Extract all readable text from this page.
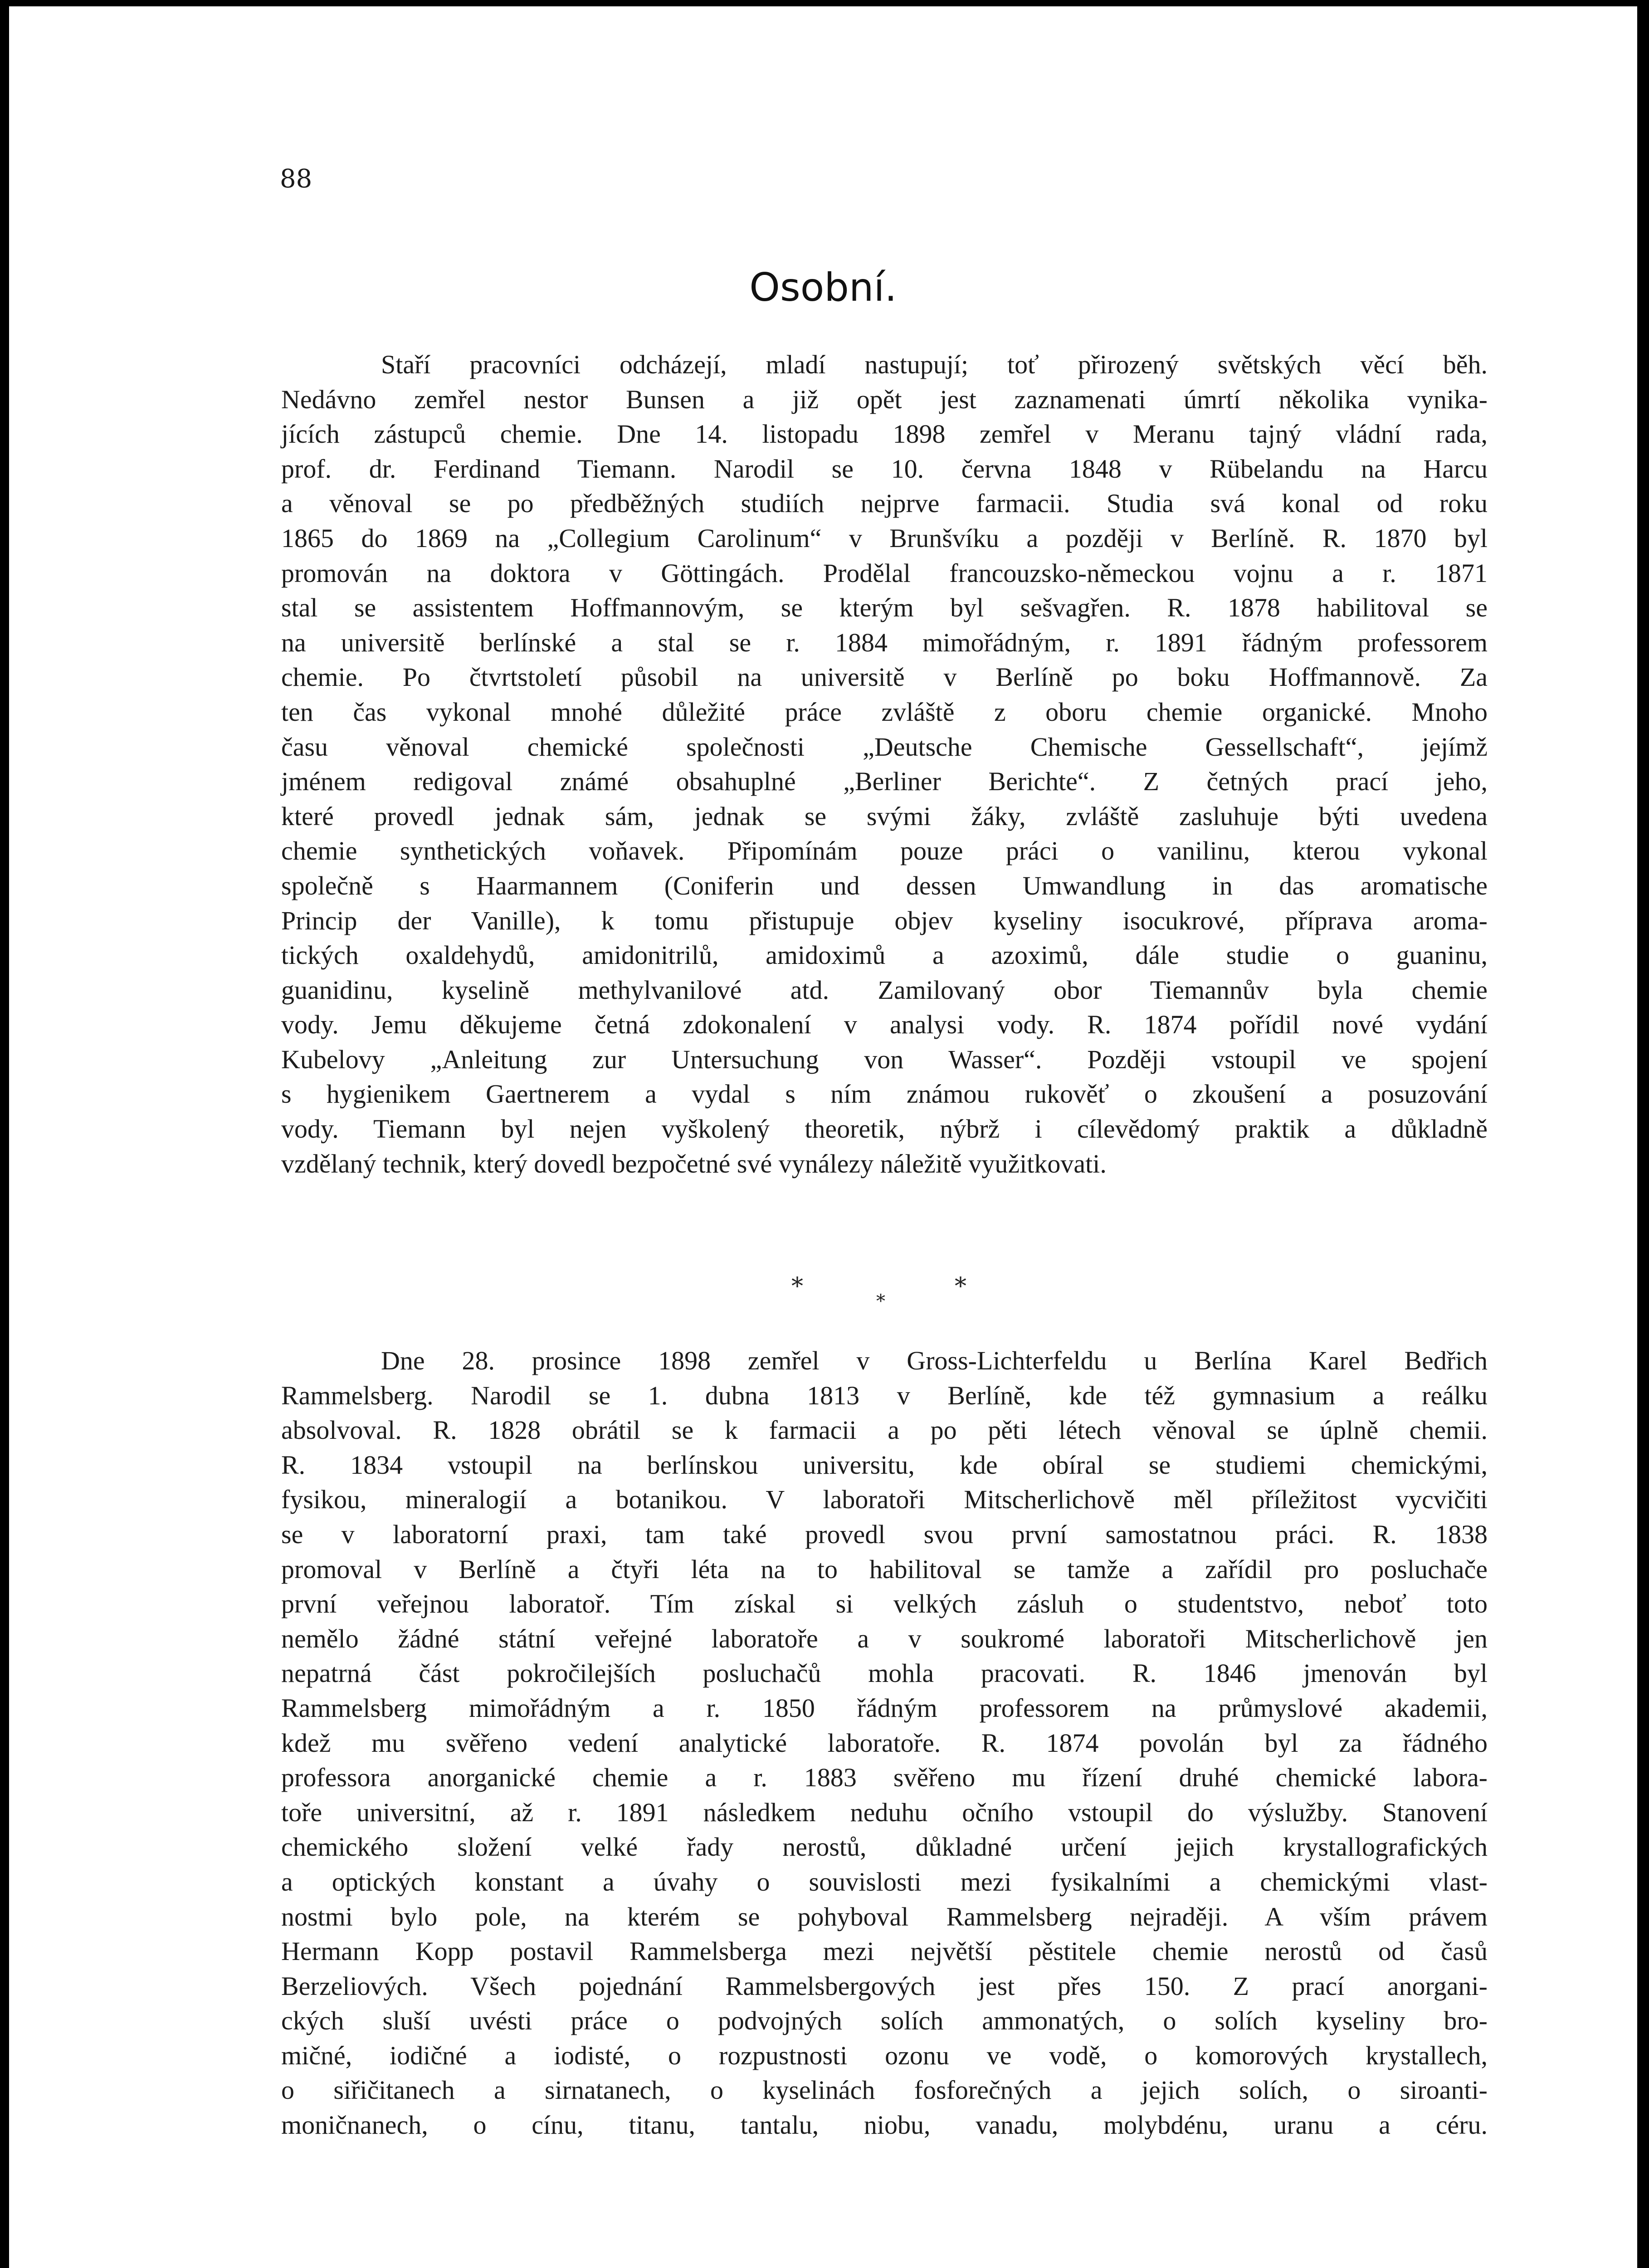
88
Osobní.
Staří pracovníci odcházejí, mladí nastupují; toť přirozený světských věcí běh.
Nedávno zemřel nestor Bunsen a již opět jest zaznamenati úmrtí několika vynika-
jících zástupců chemie. Dne 14. listopadu 1898 zemřel v Meranu tajný vládní rada,
prof. dr. Ferdinand Tiemann. Narodil se 10. června 1848 v Rübelandu na Harcu
a věnoval se po předběžných studiích nejprve farmacii. Studia svá konal od roku
1865 do 1869 na „Collegium Carolinum“ v Brunšvíku a později v Berlíně. R. 1870 byl
promován na doktora v Göttingách. Prodělal francouzsko-německou vojnu a r. 1871
stal se assistentem Hoffmannovým, se kterým byl sešvagřen. R. 1878 habilitoval se
na universitě berlínské a stal se r. 1884 mimořádným, r. 1891 řádným professorem
chemie. Po čtvrtstoletí působil na universitě v Berlíně po boku Hoffmannově. Za
ten čas vykonal mnohé důležité práce zvláště z oboru chemie organické. Mnoho
času věnoval chemické společnosti „Deutsche Chemische Gessellschaft“, jejímž
jménem redigoval známé obsahuplné „Berliner Berichte“. Z četných prací jeho,
které provedl jednak sám, jednak se svými žáky, zvláště zasluhuje býti uvedena
chemie synthetických voňavek. Připomínám pouze práci o vanilinu, kterou vykonal
společně s Haarmannem (Coniferin und dessen Umwandlung in das aromatische
Princip der Vanille), k tomu přistupuje objev kyseliny isocukrové, příprava aroma-
tických oxaldehydů, amidonitrilů, amidoximů a azoximů, dále studie o guaninu,
guanidinu, kyselině methylvanilové atd. Zamilovaný obor Tiemannův byla chemie
vody. Jemu děkujeme četná zdokonalení v analysi vody. R. 1874 pořídil nové vydání
Kubelovy „Anleitung zur Untersuchung von Wasser“. Později vstoupil ve spojení
s hygienikem Gaertnerem a vydal s ním známou rukověť o zkoušení a posuzování
vody. Tiemann byl nejen vyškolený theoretik, nýbrž i cílevědomý praktik a důkladně
vzdělaný technik, který dovedl bezpočetné své vynálezy náležitě využitkovati.
*	*
*
Dne 28. prosince 1898 zemřel v Gross-Lichterfeldu u Berlína Karel Bedřich
Rammelsberg. Narodil se 1. dubna 1813 v Berlíně, kde též gymnasium a reálku
absolvoval. R. 1828 obrátil se k farmacii a po pěti létech věnoval se úplně chemii.
R. 1834 vstoupil na berlínskou universitu, kde obíral se studiemi chemickými,
fysikou, mineralogií a botanikou. V laboratoři Mitscherlichově měl příležitost vycvičiti
se v laboratorní praxi, tam také provedl svou první samostatnou práci. R. 1838
promoval v Berlíně a čtyři léta na to habilitoval se tamže a zařídil pro posluchače
první veřejnou laboratoř. Tím získal si velkých zásluh o studentstvo, neboť toto
nemělo žádné státní veřejné laboratoře a v soukromé laboratoři Mitscherlichově jen
nepatrná část pokročilejších posluchačů mohla pracovati. R. 1846 jmenován byl
Rammelsberg mimořádným a r. 1850 řádným professorem na průmyslové akademii,
kdež mu svěřeno vedení analytické laboratoře. R. 1874 povolán byl za řádného
professora anorganické chemie a r. 1883 svěřeno mu řízení druhé chemické labora-
toře universitní, až r. 1891 následkem neduhu očního vstoupil do výslužby. Stanovení
chemického složení velké řady nerostů, důkladné určení jejich krystallografických
a optických konstant a úvahy o souvislosti mezi fysikalními a chemickými vlast-
nostmi bylo pole, na kterém se pohyboval Rammelsberg nejraději. A vším právem
Hermann Kopp postavil Rammelsberga mezi největší pěstitele chemie nerostů od časů
Berzeliových. Všech pojednání Rammelsbergových jest přes 150. Z prací anorgani-
ckých sluší uvésti práce o podvojných solích ammonatých, o solích kyseliny bro-
mičné, iodičné a iodisté, o rozpustnosti ozonu ve vodě, o komorových krystallech,
o siřičitanech a sirnatanech, o kyselinách fosforečných a jejich solích, o siroanti-
moničnanech, o cínu, titanu, tantalu, niobu, vanadu, molybdénu, uranu a céru.
